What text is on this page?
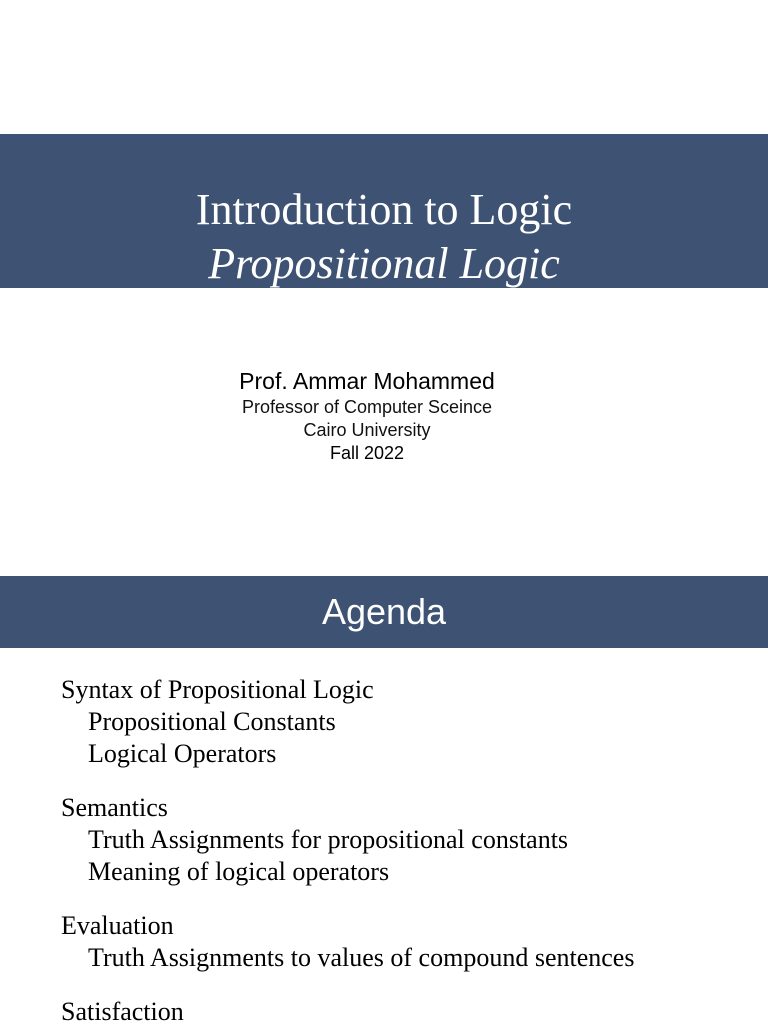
Introduction to Logic
Propositional Logic
Prof. Ammar Mohammed
Professor of Computer Sceince
Cairo University
Fall 2022
Agenda
Syntax of Propositional Logic
Propositional Constants
Logical Operators
Semantics
Truth Assignments for propositional constants
Meaning of logical operators
Evaluation
Truth Assignments to values of compound sentences
Satisfaction
